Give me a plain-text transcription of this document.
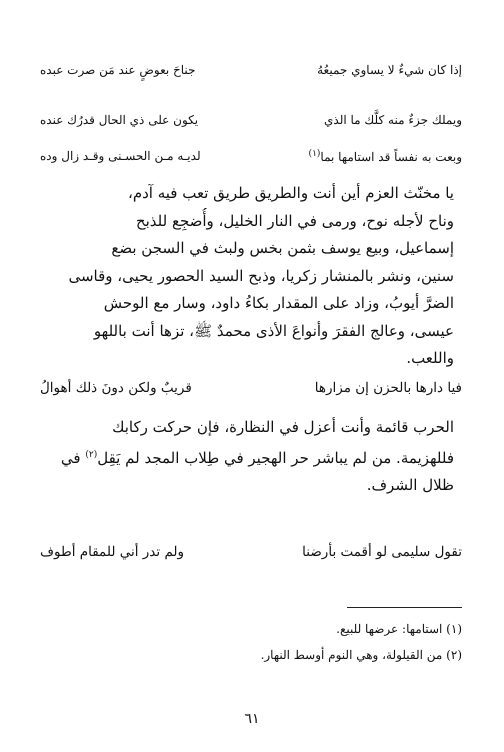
إذا كان شيءٌ لا يساوي جميعُهُ
جناحَ بعوضٍ عند مَن صرت عبده
ويملك جزءٌ منه كلَّك ما الذي
يكون على ذي الحال قدرُك عنده
وبعت به نفساً قد استامها بما$^{(١)}$
لديـه مـن الحسـنى وقـد زال وده
يا مخنّث العزم أين أنت والطريق طريق تعب فيه آدم،
وناح لأجله نوح، ورمى في النار الخليل، وأُضجِع للذبح
إسماعيل، وبيع يوسف بثمن بخس ولبث في السجن بضع
سنين، ونشر بالمنشار زكريا، وذبح السيد الحصور يحيى، وقاسى
الضرَّ أيوبُ، وزاد على المقدار بكاءُ داود، وسار مع الوحش
عيسى، وعالج الفقرَ وأنواعَ الأذى محمدٌ ﷺ، تزها أنت باللهو
واللعب.
فيا دارها بالحزن إن مزارها
قريبٌ ولكن دونَ ذلك أهوالُ
الحرب قائمة وأنت أعزل في النظارة، فإن حركت ركابك
فللهزيمة. من لم يباشر حر الهجير في طِلاب المجد لم يَقِل$^{(٢)}$ في
ظلال الشرف.
تقول سليمى لو أقمت بأرضنا
ولم تدر أني للمقام أطوف
(١) استامها: عرضها للبيع.
(٢) من القيلولة، وهي النوم أوسط النهار.
٦١
